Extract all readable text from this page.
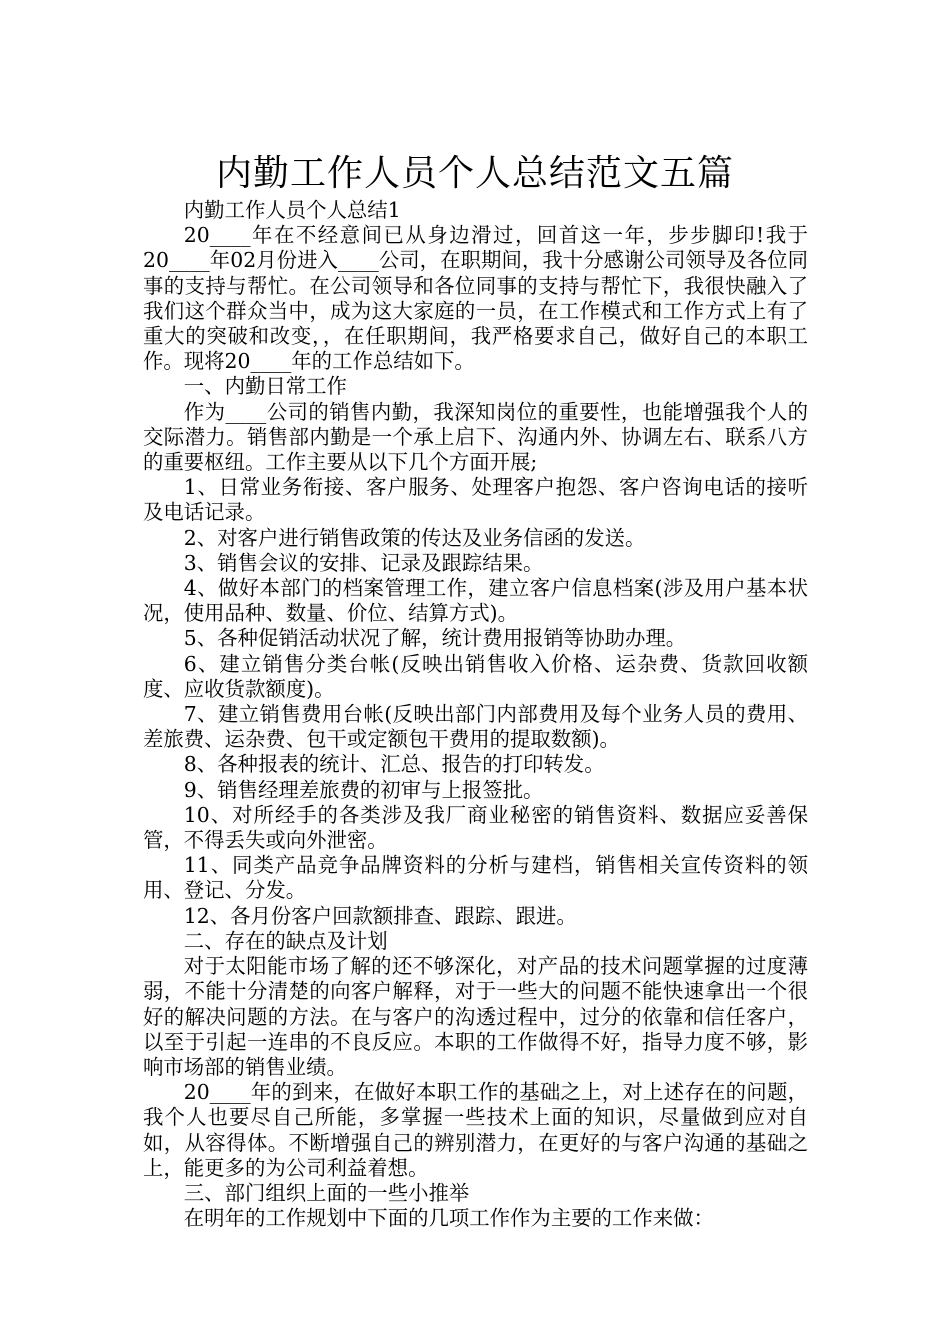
内勤工作人员个人总结范文五篇

内勤工作人员个人总结1

20____年在不经意间已从身边滑过，回首这一年，步步脚印!我于20____年02月份进入____公司，在职期间，我十分感谢公司领导及各位同事的支持与帮忙。在公司领导和各位同事的支持与帮忙下，我很快融入了我们这个群众当中，成为这大家庭的一员，在工作模式和工作方式上有了重大的突破和改变，，在任职期间，我严格要求自己，做好自己的本职工作。现将20____年的工作总结如下。

一、内勤日常工作

作为____公司的销售内勤，我深知岗位的重要性，也能增强我个人的交际潜力。销售部内勤是一个承上启下、沟通内外、协调左右、联系八方的重要枢纽。工作主要从以下几个方面开展;

1、日常业务衔接、客户服务、处理客户抱怨、客户咨询电话的接听及电话记录。

2、对客户进行销售政策的传达及业务信函的发送。

3、销售会议的安排、记录及跟踪结果。

4、做好本部门的档案管理工作，建立客户信息档案(涉及用户基本状况，使用品种、数量、价位、结算方式)。

5、各种促销活动状况了解，统计费用报销等协助办理。

6、建立销售分类台帐(反映出销售收入价格、运杂费、货款回收额度、应收货款额度)。

7、建立销售费用台帐(反映出部门内部费用及每个业务人员的费用、差旅费、运杂费、包干或定额包干费用的提取数额)。

8、各种报表的统计、汇总、报告的打印转发。

9、销售经理差旅费的初审与上报签批。

10、对所经手的各类涉及我厂商业秘密的销售资料、数据应妥善保管，不得丢失或向外泄密。

11、同类产品竞争品牌资料的分析与建档，销售相关宣传资料的领用、登记、分发。

12、各月份客户回款额排查、跟踪、跟进。

二、存在的缺点及计划

对于太阳能市场了解的还不够深化，对产品的技术问题掌握的过度薄弱，不能十分清楚的向客户解释，对于一些大的问题不能快速拿出一个很好的解决问题的方法。在与客户的沟透过程中，过分的依靠和信任客户，以至于引起一连串的不良反应。本职的工作做得不好，指导力度不够，影响市场部的销售业绩。

20____年的到来，在做好本职工作的基础之上，对上述存在的问题，我个人也要尽自己所能，多掌握一些技术上面的知识，尽量做到应对自如，从容得体。不断增强自己的辨别潜力，在更好的与客户沟通的基础之上，能更多的为公司利益着想。

三、部门组织上面的一些小推举

在明年的工作规划中下面的几项工作作为主要的工作来做：
